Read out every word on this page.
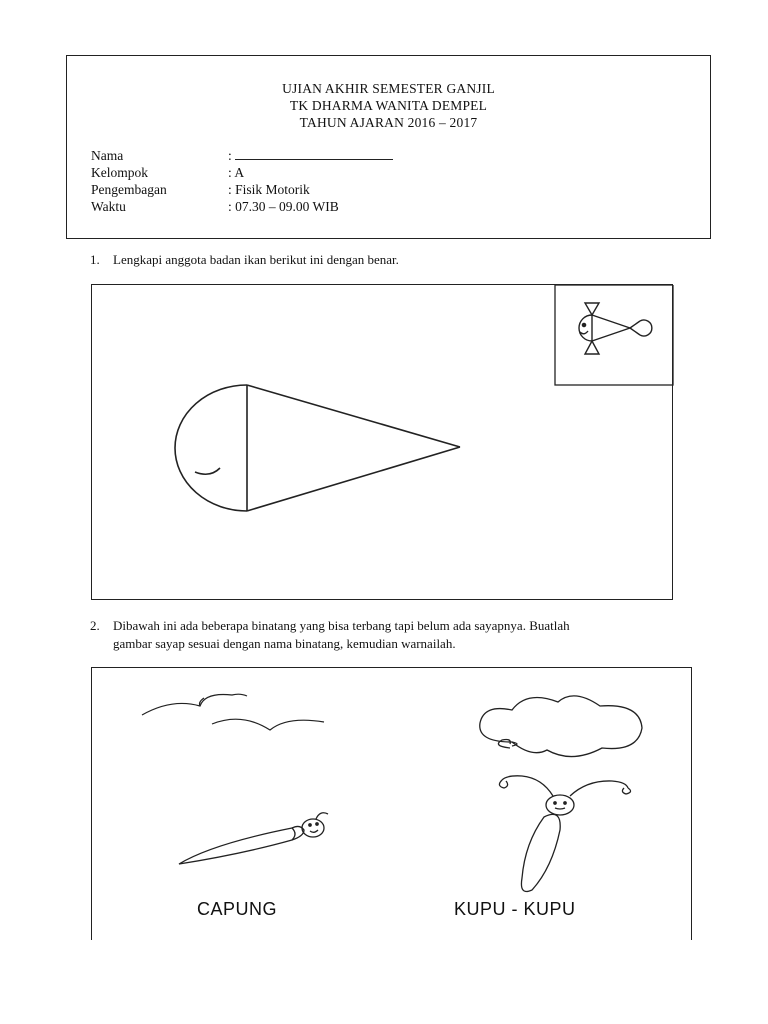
UJIAN AKHIR SEMESTER GANJIL
TK DHARMA WANITA DEMPEL
TAHUN AJARAN 2016 – 2017
Nama	:
Kelompok	: A
Pengembagan	: Fisik Motorik
Waktu	: 07.30 – 09.00 WIB
1. Lengkapi anggota badan ikan berikut ini dengan benar.
2. Dibawah ini ada beberapa binatang yang bisa terbang tapi belum ada sayapnya. Buatlah
gambar sayap sesuai dengan nama binatang, kemudian warnailah.
CAPUNG	KUPU - KUPU
